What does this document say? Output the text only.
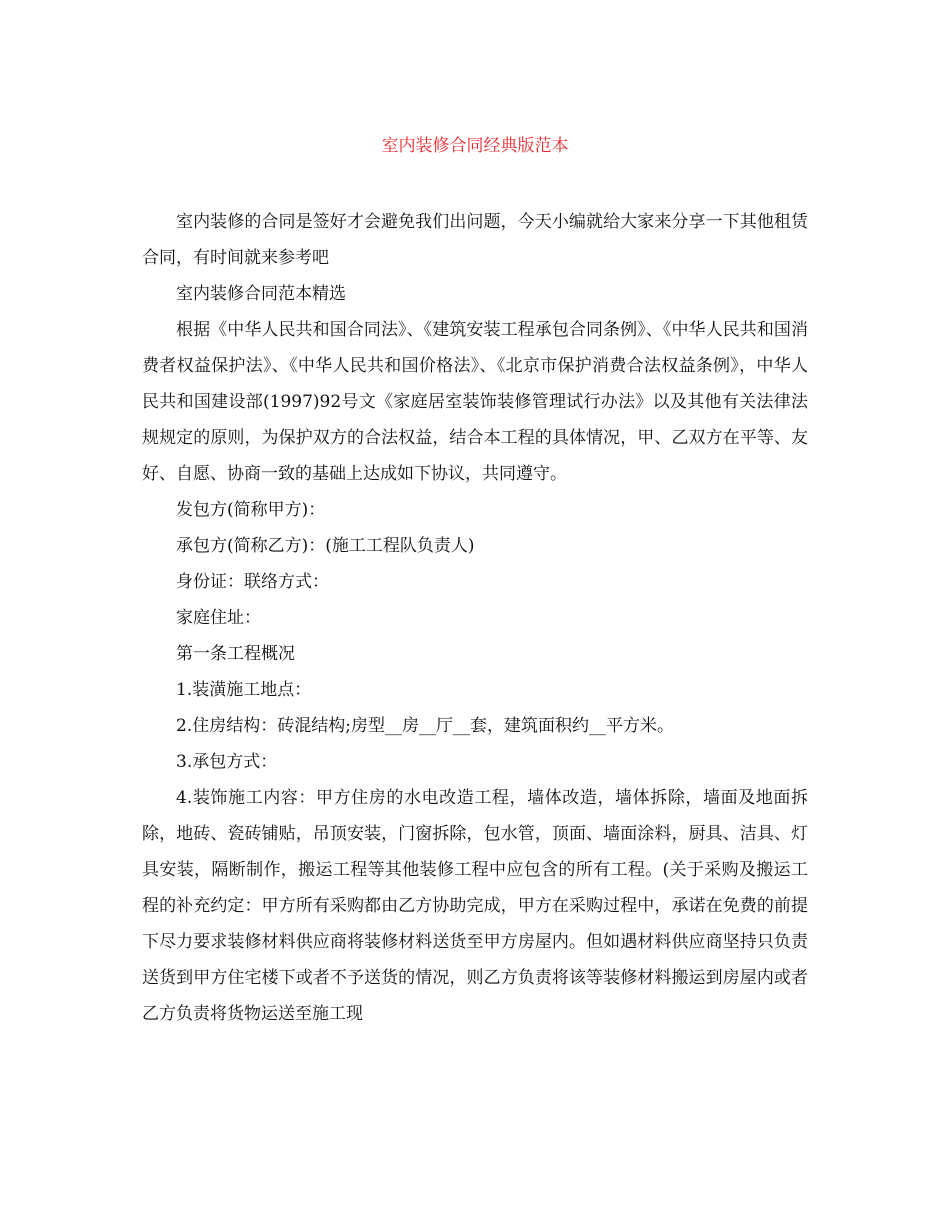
室内装修合同经典版范本

室内装修的合同是签好才会避免我们出问题，今天小编就给大家来分享一下其他租赁合同，有时间就来参考吧

室内装修合同范本精选

根据《中华人民共和国合同法》、《建筑安装工程承包合同条例》、《中华人民共和国消费者权益保护法》、《中华人民共和国价格法》、《北京市保护消费合法权益条例》，中华人民共和国建设部(1997)92号文《家庭居室装饰装修管理试行办法》以及其他有关法律法规规定的原则，为保护双方的合法权益，结合本工程的具体情况，甲、乙双方在平等、友好、自愿、协商一致的基础上达成如下协议，共同遵守。

发包方(简称甲方)：

承包方(简称乙方)：(施工工程队负责人)

身份证：联络方式：

家庭住址：

第一条工程概况

1.装潢施工地点：

2.住房结构：砖混结构;房型__房__厅__套，建筑面积约__平方米。

3.承包方式：

4.装饰施工内容：甲方住房的水电改造工程，墙体改造，墙体拆除，墙面及地面拆除，地砖、瓷砖铺贴，吊顶安装，门窗拆除，包水管，顶面、墙面涂料，厨具、洁具、灯具安装，隔断制作，搬运工程等其他装修工程中应包含的所有工程。(关于采购及搬运工程的补充约定：甲方所有采购都由乙方协助完成，甲方在采购过程中，承诺在免费的前提下尽力要求装修材料供应商将装修材料送货至甲方房屋内。但如遇材料供应商坚持只负责送货到甲方住宅楼下或者不予送货的情况，则乙方负责将该等装修材料搬运到房屋内或者乙方负责将货物运送至施工现
